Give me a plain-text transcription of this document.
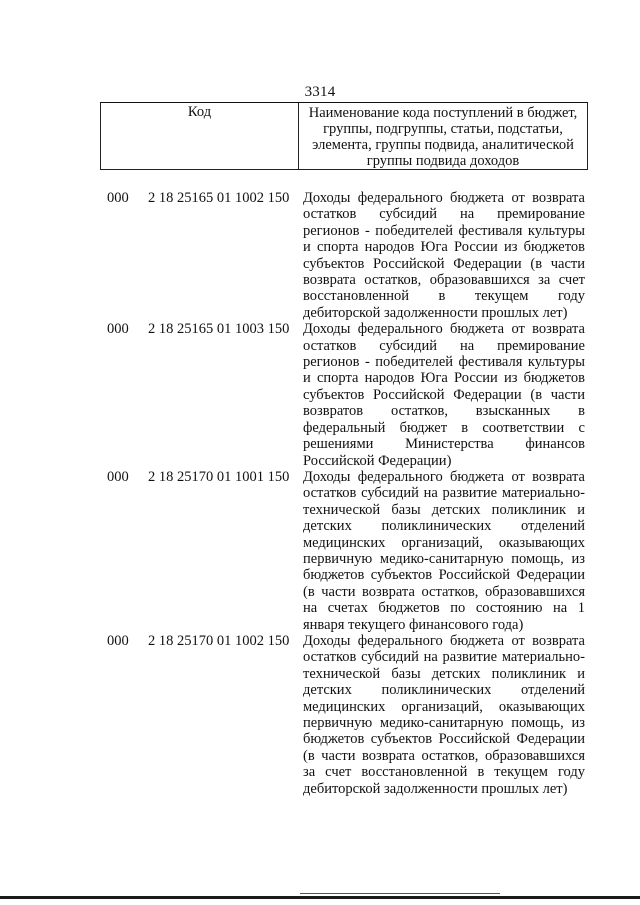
3314
Код	Наименование кода поступлений в бюджет, группы, подгруппы, статьи, подстатьи, элемента, группы подвида, аналитической группы подвида доходов
000	2 18 25165 01 1002 150 Доходы федерального бюджета от возврата остатков субсидий на премирование регионов - победителей фестиваля культуры и спорта народов Юга России из бюджетов субъектов Российской Федерации (в части возврата остатков, образовавшихся за счет восстановленной в текущем году дебиторской задолженности прошлых лет)
000	2 18 25165 01 1003 150 Доходы федерального бюджета от возврата остатков субсидий на премирование регионов - победителей фестиваля культуры и спорта народов Юга России из бюджетов субъектов Российской Федерации (в части возвратов остатков, взысканных в федеральный бюджет в соответствии с решениями Министерства финансов Российской Федерации)
000	2 18 25170 01 1001 150 Доходы федерального бюджета от возврата остатков субсидий на развитие материально-технической базы детских поликлиник и детских поликлинических отделений медицинских организаций, оказывающих первичную медико-санитарную помощь, из бюджетов субъектов Российской Федерации (в части возврата остатков, образовавшихся на счетах бюджетов по состоянию на 1 января текущего финансового года)
000	2 18 25170 01 1002 150 Доходы федерального бюджета от возврата остатков субсидий на развитие материально-технической базы детских поликлиник и детских поликлинических отделений медицинских организаций, оказывающих первичную медико-санитарную помощь, из бюджетов субъектов Российской Федерации (в части возврата остатков, образовавшихся за счет восстановленной в текущем году дебиторской задолженности прошлых лет)
